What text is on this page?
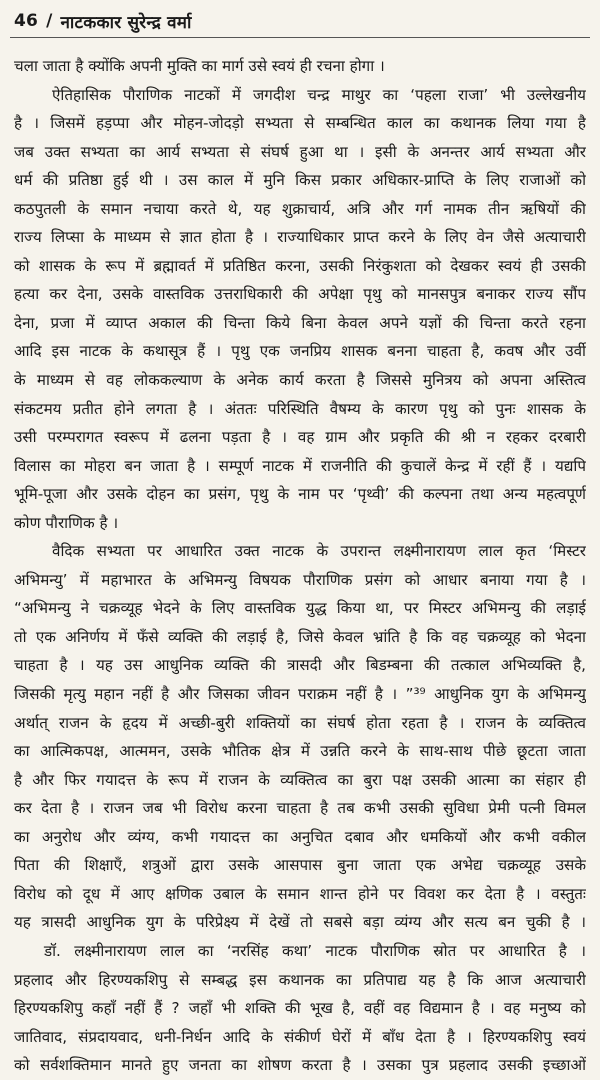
46 / नाटककार सुरेन्द्र वर्मा
चला जाता है क्योंकि अपनी मुक्ति का मार्ग उसे स्वयं ही रचना होगा ।
ऐतिहासिक पौराणिक नाटकों में जगदीश चन्द्र माथुर का ‘पहला राजा’ भी उल्लेखनीय
है । जिसमें हड़प्पा और मोहन-जोदड़ो सभ्यता से सम्बन्धित काल का कथानक लिया गया है
जब उक्त सभ्यता का आर्य सभ्यता से संघर्ष हुआ था । इसी के अनन्तर आर्य सभ्यता और
धर्म की प्रतिष्ठा हुई थी । उस काल में मुनि किस प्रकार अधिकार-प्राप्ति के लिए राजाओं को
कठपुतली के समान नचाया करते थे, यह शुक्राचार्य, अत्रि और गर्ग नामक तीन ऋषियों की
राज्य लिप्सा के माध्यम से ज्ञात होता है । राज्याधिकार प्राप्त करने के लिए वेन जैसे अत्याचारी
को शासक के रूप में ब्रह्मावर्त में प्रतिष्ठित करना, उसकी निरंकुशता को देखकर स्वयं ही उसकी
हत्या कर देना, उसके वास्तविक उत्तराधिकारी की अपेक्षा पृथु को मानसपुत्र बनाकर राज्य सौंप
देना, प्रजा में व्याप्त अकाल की चिन्ता किये बिना केवल अपने यज्ञों की चिन्ता करते रहना
आदि इस नाटक के कथासूत्र हैं । पृथु एक जनप्रिय शासक बनना चाहता है, कवष और उर्वी
के माध्यम से वह लोककल्याण के अनेक कार्य करता है जिससे मुनित्रय को अपना अस्तित्व
संकटमय प्रतीत होने लगता है । अंततः परिस्थिति वैषम्य के कारण पृथु को पुनः शासक के
उसी परम्परागत स्वरूप में ढलना पड़ता है । वह ग्राम और प्रकृति की श्री न रहकर दरबारी
विलास का मोहरा बन जाता है । सम्पूर्ण नाटक में राजनीति की कुचालें केन्द्र में रहीं हैं । यद्यपि
भूमि-पूजा और उसके दोहन का प्रसंग, पृथु के नाम पर ‘पृथ्वी’ की कल्पना तथा अन्य महत्वपूर्ण
कोण पौराणिक है ।
वैदिक सभ्यता पर आधारित उक्त नाटक के उपरान्त लक्ष्मीनारायण लाल कृत ‘मिस्टर
अभिमन्यु’ में महाभारत के अभिमन्यु विषयक पौराणिक प्रसंग को आधार बनाया गया है ।
“अभिमन्यु ने चक्रव्यूह भेदने के लिए वास्तविक युद्ध किया था, पर मिस्टर अभिमन्यु की लड़ाई
तो एक अनिर्णय में फँसे व्यक्ति की लड़ाई है, जिसे केवल भ्रांति है कि वह चक्रव्यूह को भेदना
चाहता है । यह उस आधुनिक व्यक्ति की त्रासदी और बिडम्बना की तत्काल अभिव्यक्ति है,
जिसकी मृत्यु महान नहीं है और जिसका जीवन पराक्रम नहीं है । ”³⁹ आधुनिक युग के अभिमन्यु
अर्थात् राजन के हृदय में अच्छी-बुरी शक्तियों का संघर्ष होता रहता है । राजन के व्यक्तित्व
का आत्मिकपक्ष, आत्ममन, उसके भौतिक क्षेत्र में उन्नति करने के साथ-साथ पीछे छूटता जाता
है और फिर गयादत्त के रूप में राजन के व्यक्तित्व का बुरा पक्ष उसकी आत्मा का संहार ही
कर देता है । राजन जब भी विरोध करना चाहता है तब कभी उसकी सुविधा प्रेमी पत्नी विमल
का अनुरोध और व्यंग्य, कभी गयादत्त का अनुचित दबाव और धमकियों और कभी वकील
पिता की शिक्षाएँ, शत्रुओं द्वारा उसके आसपास बुना जाता एक अभेद्य चक्रव्यूह उसके
विरोध को दूध में आए क्षणिक उबाल के समान शान्त होने पर विवश कर देता है । वस्तुतः
यह त्रासदी आधुनिक युग के परिप्रेक्ष्य में देखें तो सबसे बड़ा व्यंग्य और सत्य बन चुकी है ।
डॉ. लक्ष्मीनारायण लाल का ‘नरसिंह कथा’ नाटक पौराणिक स्रोत पर आधारित है ।
प्रहलाद और हिरण्यकशिपु से सम्बद्ध इस कथानक का प्रतिपाद्य यह है कि आज अत्याचारी
हिरण्यकशिपु कहाँ नहीं हैं ? जहाँ भी शक्ति की भूख है, वहीं वह विद्यमान है । वह मनुष्य को
जातिवाद, संप्रदायवाद, धनी-निर्धन आदि के संकीर्ण घेरों में बाँध देता है । हिरण्यकशिपु स्वयं
को सर्वशक्तिमान मानते हुए जनता का शोषण करता है । उसका पुत्र प्रहलाद उसकी इच्छाओं
